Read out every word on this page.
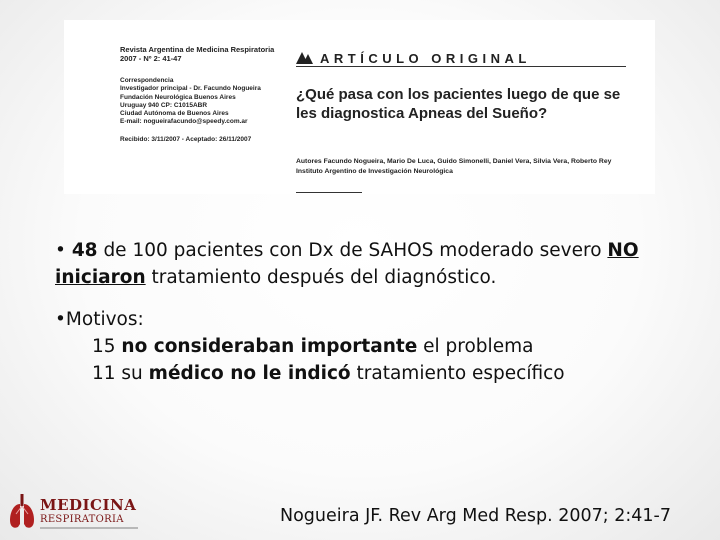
Revista Argentina de Medicina Respiratoria
2007 - Nº 2: 41-47
Correspondencia
Investigador principal - Dr. Facundo Nogueira
Fundación Neurológica Buenos Aires
Uruguay 940 CP: C1015ABR
Ciudad Autónoma de Buenos Aires
E-mail: nogueirafacundo@speedy.com.ar
Recibido: 3/11/2007 - Aceptado: 26/11/2007
ARTÍCULO ORIGINAL
¿Qué pasa con los pacientes luego de que se les diagnostica Apneas del Sueño?
Autores Facundo Nogueira, Mario De Luca, Guido Simonelli, Daniel Vera, Silvia Vera, Roberto Rey
Instituto Argentino de Investigación Neurológica
• 48 de 100 pacientes con Dx de SAHOS moderado severo NO
iniciaron tratamiento después del diagnóstico.
•Motivos:
15 no consideraban importante el problema
11 su médico no le indicó tratamiento específico
MEDICINA
RESPIRATORIA	Nogueira JF. Rev Arg Med Resp. 2007; 2:41-7
